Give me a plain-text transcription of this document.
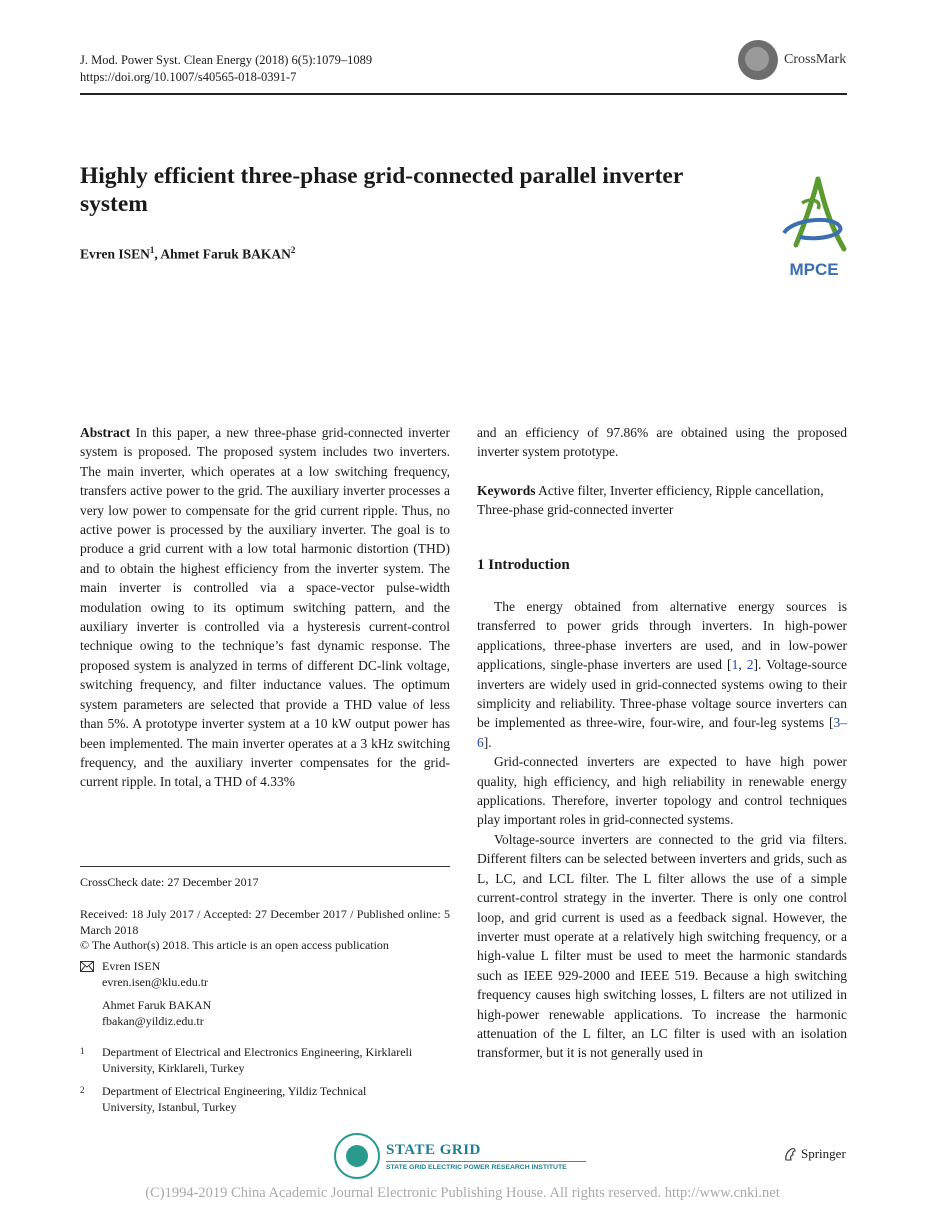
J. Mod. Power Syst. Clean Energy (2018) 6(5):1079–1089
https://doi.org/10.1007/s40565-018-0391-7
CrossMark
Highly efficient three-phase grid-connected parallel inverter system
Evren ISEN$^1$, Ahmet Faruk BAKAN$^2$
MPCE

Abstract In this paper, a new three-phase grid-connected inverter system is proposed. The proposed system includes two inverters. The main inverter, which operates at a low switching frequency, transfers active power to the grid. The auxiliary inverter processes a very low power to compensate for the grid current ripple. Thus, no active power is processed by the auxiliary inverter. The goal is to produce a grid current with a low total harmonic distortion (THD) and to obtain the highest efficiency from the inverter system. The main inverter is controlled via a space-vector pulse-width modulation owing to its optimum switching pattern, and the auxiliary inverter is controlled via a hysteresis current-control technique owing to the technique’s fast dynamic response. The proposed system is analyzed in terms of different DC-link voltage, switching frequency, and filter inductance values. The optimum system parameters are selected that provide a THD value of less than 5%. A prototype inverter system at a 10 kW output power has been implemented. The main inverter operates at a 3 kHz switching frequency, and the auxiliary inverter compensates for the grid-current ripple. In total, a THD of 4.33%

CrossCheck date: 27 December 2017
Received: 18 July 2017 / Accepted: 27 December 2017 / Published online: 5 March 2018
© The Author(s) 2018. This article is an open access publication
Evren ISEN
evren.isen@klu.edu.tr
Ahmet Faruk BAKAN
fbakan@yildiz.edu.tr
1 Department of Electrical and Electronics Engineering, Kirklareli University, Kirklareli, Turkey
2 Department of Electrical Engineering, Yildiz Technical University, Istanbul, Turkey
and an efficiency of 97.86% are obtained using the proposed inverter system prototype.
Keywords Active filter, Inverter efficiency, Ripple cancellation, Three-phase grid-connected inverter
1 Introduction

The energy obtained from alternative energy sources is transferred to power grids through inverters. In high-power applications, three-phase inverters are used, and in low-power applications, single-phase inverters are used [1, 2]. Voltage-source inverters are widely used in grid-connected systems owing to their simplicity and reliability. Three-phase voltage source inverters can be implemented as three-wire, four-wire, and four-leg systems [3–6].

Grid-connected inverters are expected to have high power quality, high efficiency, and high reliability in renewable energy applications. Therefore, inverter topology and control techniques play important roles in grid-connected systems.

Voltage-source inverters are connected to the grid via filters. Different filters can be selected between inverters and grids, such as L, LC, and LCL filter. The L filter allows the use of a simple current-control strategy in the inverter. There is only one control loop, and grid current is used as a feedback signal. However, the inverter must operate at a relatively high switching frequency, or a high-value L filter must be used to meet the harmonic standards such as IEEE 929-2000 and IEEE 519. Because a high switching frequency causes high switching losses, L filters are not utilized in high-power renewable applications. To increase the harmonic attenuation of the L filter, an LC filter is used with an isolation transformer, but it is not generally used in

STATE GRID
STATE GRID ELECTRIC POWER RESEARCH INSTITUTE
Springer
(C)1994-2019 China Academic Journal Electronic Publishing House. All rights reserved. http://www.cnki.net
